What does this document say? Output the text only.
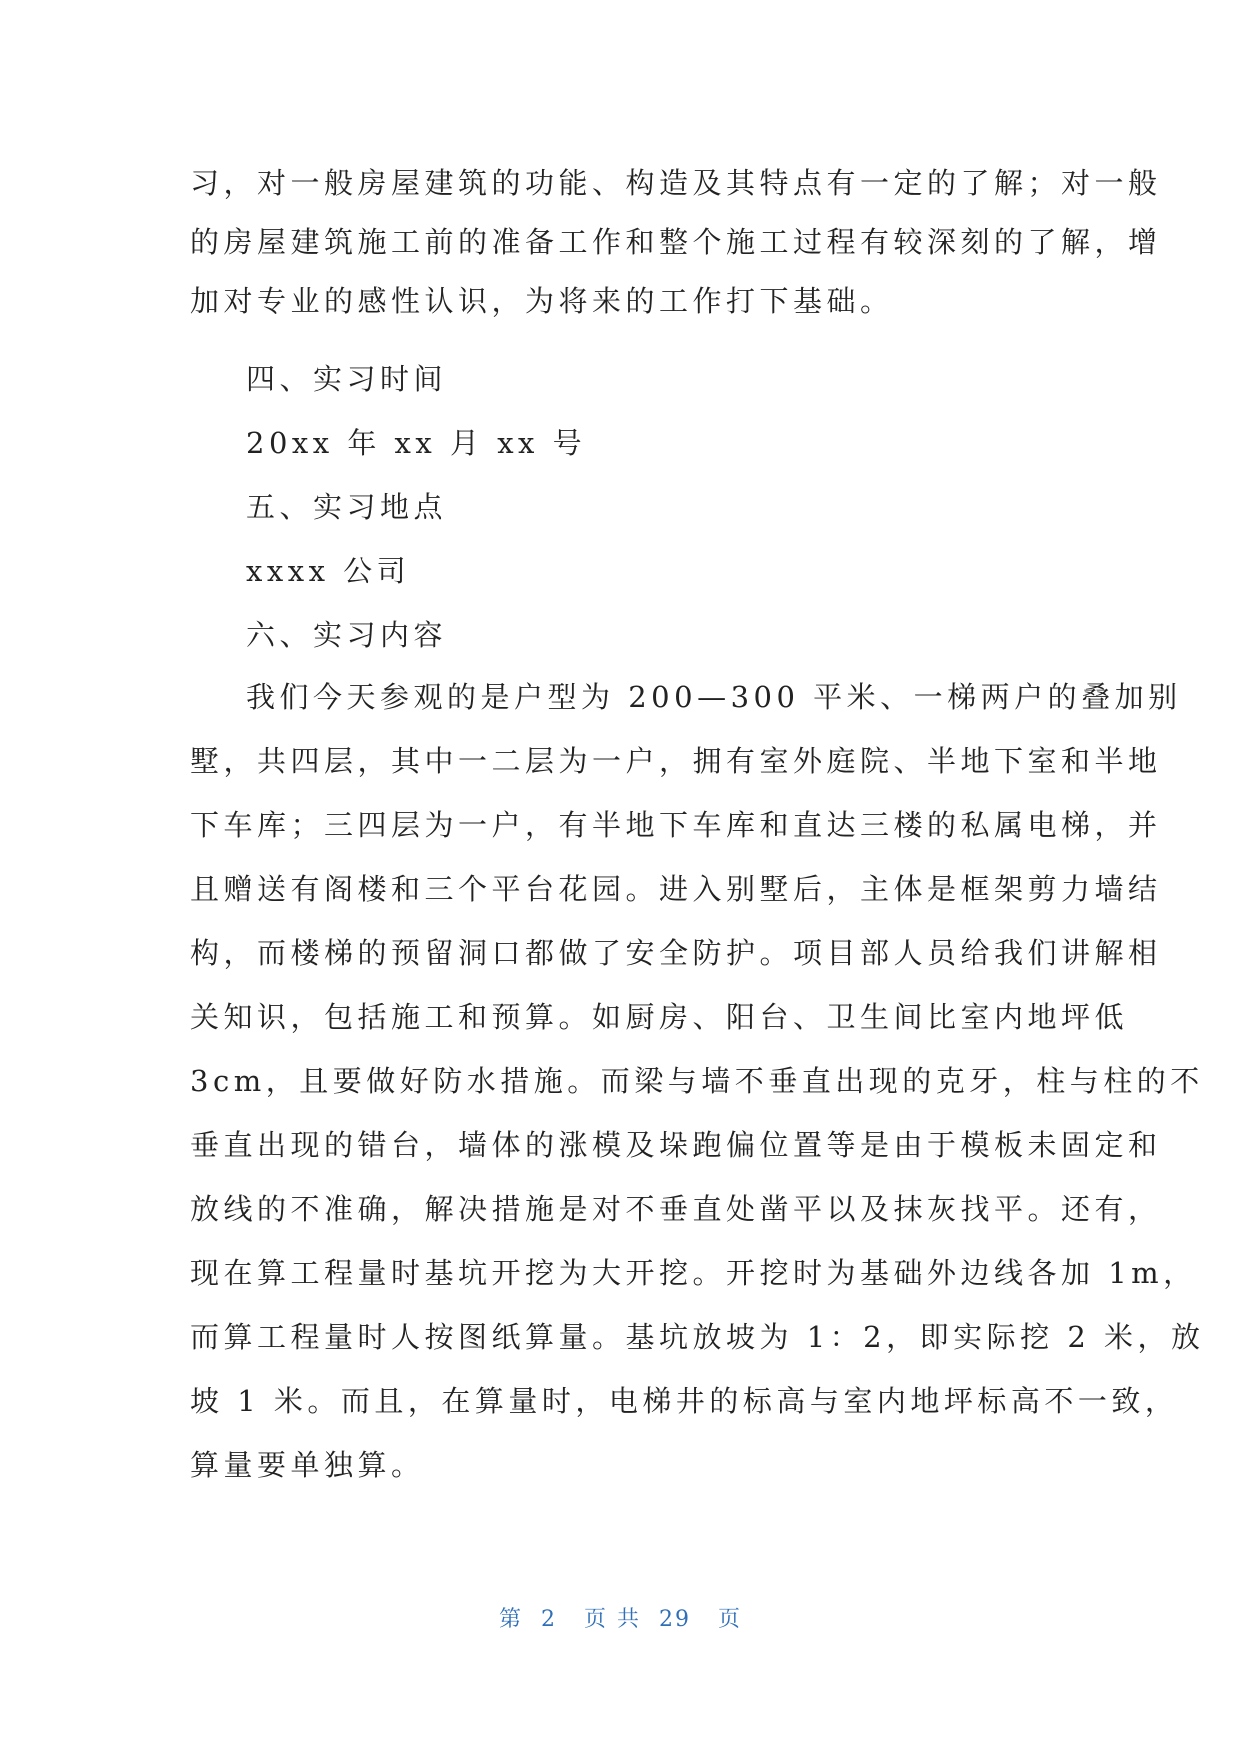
习，对一般房屋建筑的功能、构造及其特点有一定的了解；对一般
的房屋建筑施工前的准备工作和整个施工过程有较深刻的了解，增
加对专业的感性认识，为将来的工作打下基础。
四、实习时间
20xx 年 xx 月 xx 号
五、实习地点
xxxx 公司
六、实习内容
我们今天参观的是户型为 200—300 平米、一梯两户的叠加别
墅，共四层，其中一二层为一户，拥有室外庭院、半地下室和半地
下车库；三四层为一户，有半地下车库和直达三楼的私属电梯，并
且赠送有阁楼和三个平台花园。进入别墅后，主体是框架剪力墙结
构，而楼梯的预留洞口都做了安全防护。项目部人员给我们讲解相
关知识，包括施工和预算。如厨房、阳台、卫生间比室内地坪低
3cm，且要做好防水措施。而梁与墙不垂直出现的克牙，柱与柱的不
垂直出现的错台，墙体的涨模及垛跑偏位置等是由于模板未固定和
放线的不准确，解决措施是对不垂直处凿平以及抹灰找平。还有，
现在算工程量时基坑开挖为大开挖。开挖时为基础外边线各加 1m，
而算工程量时人按图纸算量。基坑放坡为 1：2，即实际挖 2 米，放
坡 1 米。而且，在算量时，电梯井的标高与室内地坪标高不一致，
算量要单独算。
第  2   页 共  29   页
